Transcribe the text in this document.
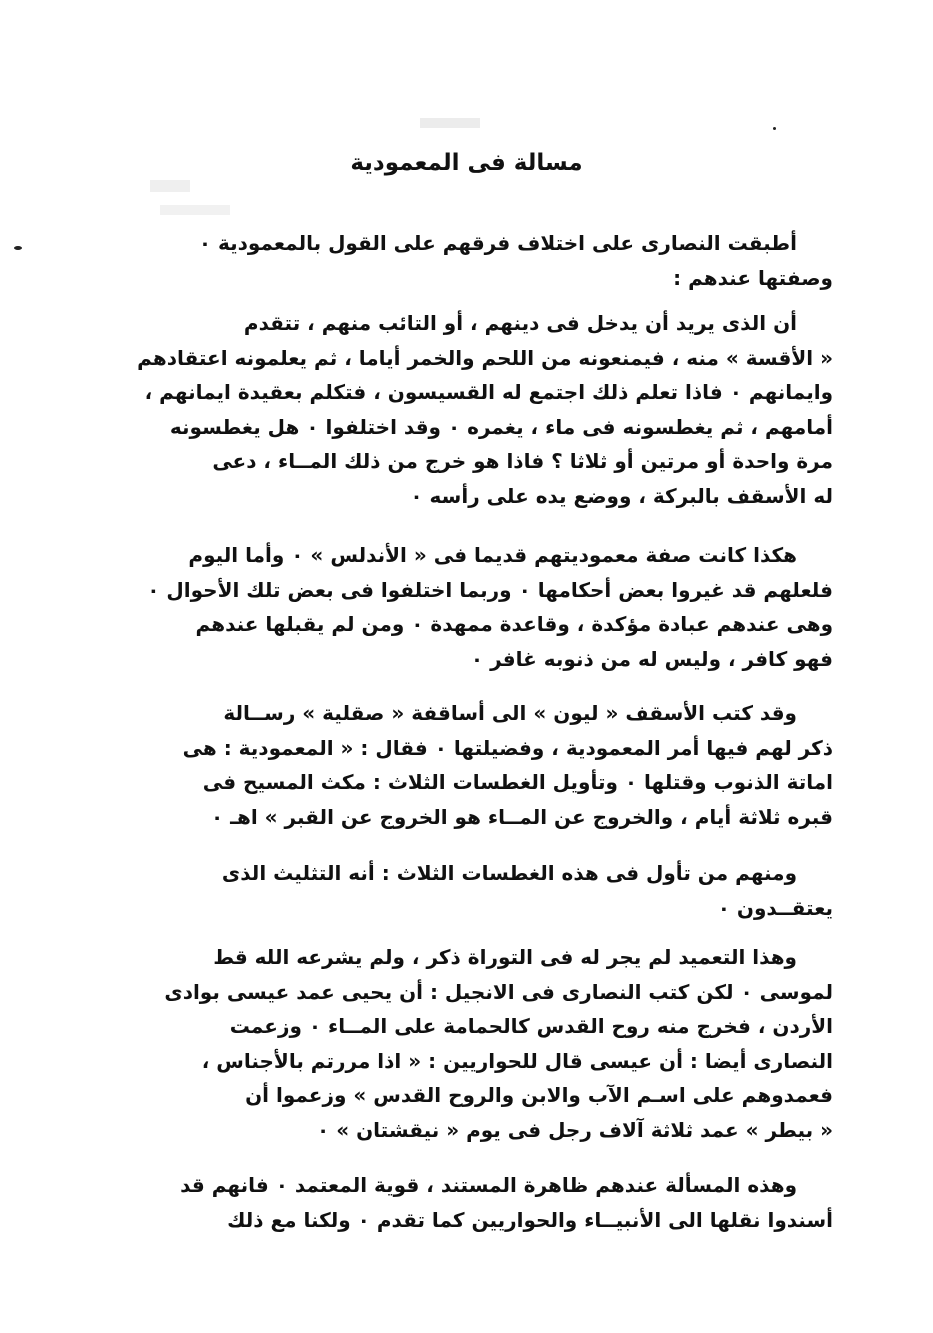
مسالة فى المعمودية
أطبقت النصارى على اختلاف فرقهم على القول بالمعمودية ٠
وصفتها عندهم :
أن الذى يريد أن يدخل فى دينهم ، أو التائب منهم ، تتقدم
« الأقسة » منه ، فيمنعونه من اللحم والخمر أياما ، ثم يعلمونه اعتقادهم
وايمانهم ٠ فاذا تعلم ذلك اجتمع له القسيسون ، فتكلم بعقيدة ايمانهم ،
أمامهم ، ثم يغطسونه فى ماء ، يغمره ٠ وقد اختلفوا ٠ هل يغطسونه
مرة واحدة أو مرتين أو ثلاثا ؟ فاذا هو خرج من ذلك المــاء ، دعى
له الأسقف بالبركة ، ووضع يده على رأسه ٠
هكذا كانت صفة معموديتهم قديما فى « الأندلس » ٠ وأما اليوم
فلعلهم قد غيروا بعض أحكامها ٠ وربما اختلفوا فى بعض تلك الأحوال ٠
وهى عندهم عبادة مؤكدة ، وقاعدة ممهدة ٠ ومن لم يقبلها عندهم
فهو كافر ، وليس له من ذنوبه غافر ٠
وقد كتب الأسقف « ليون » الى أساقفة « صقلية » رســالة
ذكر لهم فيها أمر المعمودية ، وفضيلتها ٠ فقال : « المعمودية : هى
اماتة الذنوب وقتلها ٠ وتأويل الغطسات الثلاث : مكث المسيح فى
قبره ثلاثة أيام ، والخروج عن المــاء هو الخروج عن القبر » اهـ ٠
ومنهم من تأول فى هذه الغطسات الثلاث : أنه التثليث الذى
يعتقــدون ٠
وهذا التعميد لم يجر له فى التوراة ذكر ، ولم يشرعه الله قط
لموسى ٠ لكن كتب النصارى فى الانجيل : أن يحيى عمد عيسى بوادى
الأردن ، فخرج منه روح القدس كالحمامة على المــاء ٠ وزعمت
النصارى أيضا : أن عيسى قال للحواريين : « اذا مررتم بالأجناس ،
فعمدوهم على اسـم الآب والابن والروح القدس » وزعموا أن
« بيطر » عمد ثلاثة آلاف رجل فى يوم « نيقشتان » ٠
وهذه المسألة عندهم ظاهرة المستند ، قوية المعتمد ٠ فانهم قد
أسندوا نقلها الى الأنبيــاء والحواريين كما تقدم ٠ ولكنا مع ذلك
